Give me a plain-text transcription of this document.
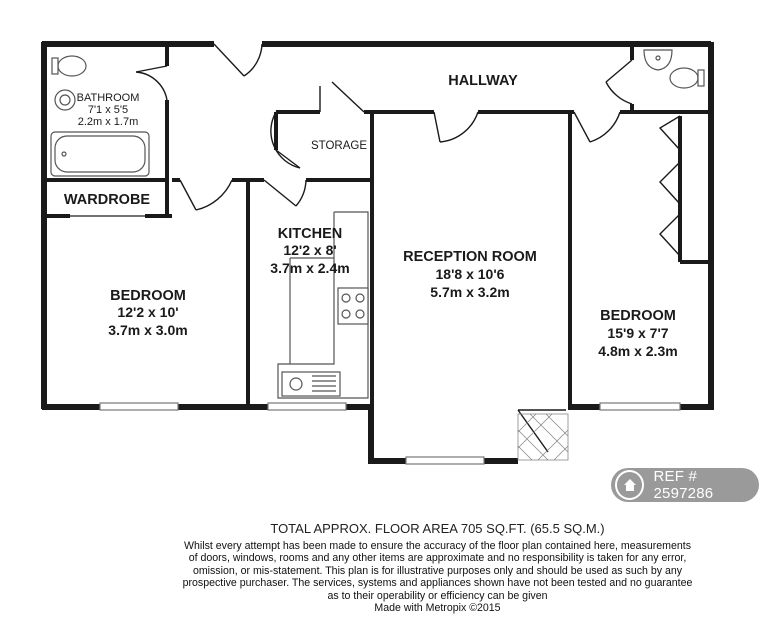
HALLWAY
BATHROOM
7'1 x 5'5
2.2m x 1.7m
WARDROBE
STORAGE
KITCHEN
12'2 x 8'
3.7m x 2.4m
BEDROOM
12'2 x 10'
3.7m x 3.0m
RECEPTION ROOM
18'8 x 10'6
5.7m x 3.2m
BEDROOM
15'9 x 7'7
4.8m x 2.3m
REF # 2597286
TOTAL APPROX. FLOOR AREA 705 SQ.FT. (65.5 SQ.M.)
Whilst every attempt has been made to ensure the accuracy of the floor plan contained here, measurements
of doors, windows, rooms and any other items are approximate and no responsibility is taken for any error,
omission, or mis-statement. This plan is for illustrative purposes only and should be used as such by any
prospective purchaser. The services, systems and appliances shown have not been tested and no guarantee
as to their operability or efficiency can be given
Made with Metropix ©2015
